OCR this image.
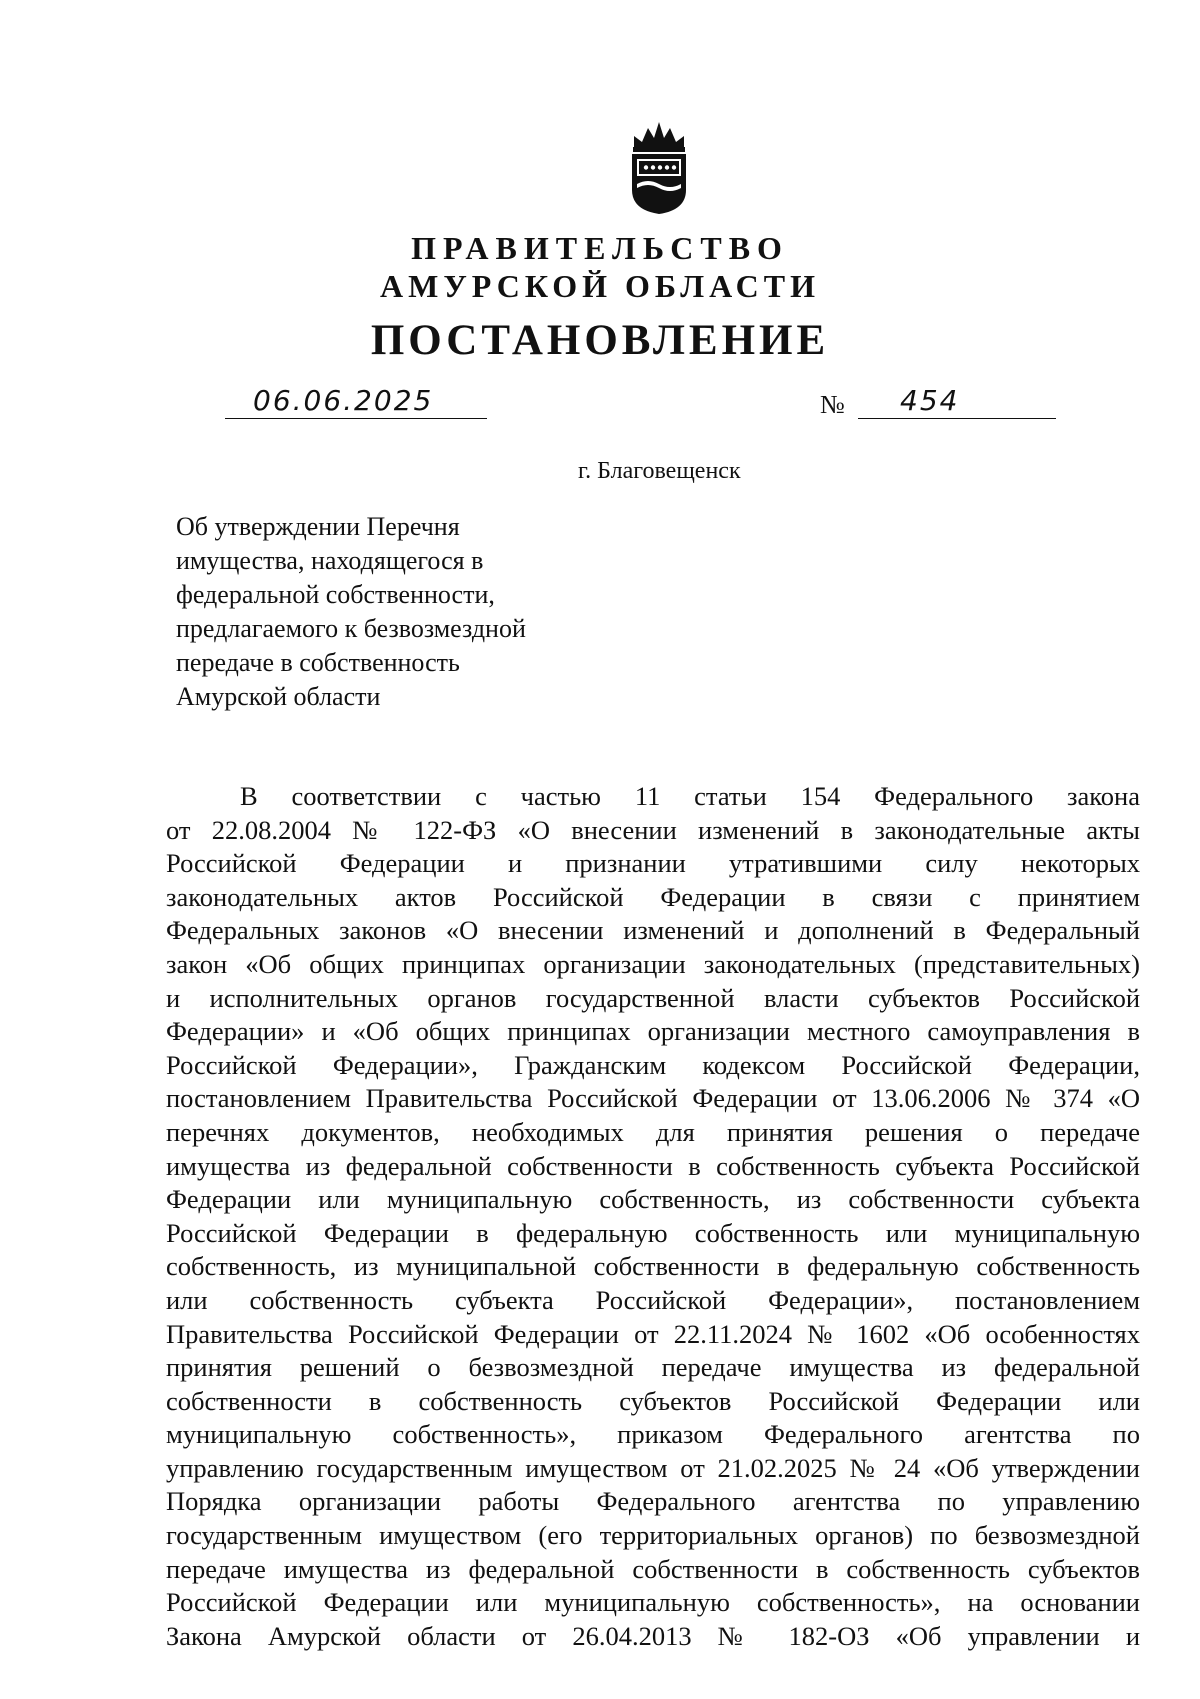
ПРАВИТЕЛЬСТВО
АМУРСКОЙ ОБЛАСТИ
ПОСТАНОВЛЕНИЕ
06.06.2025	№ 454
г. Благовещенск
Об утверждении Перечня
имущества, находящегося в
федеральной собственности,
предлагаемого к безвозмездной
передаче в собственность
Амурской области
В соответствии с частью 11 статьи 154 Федерального закона
от 22.08.2004 № 122-ФЗ «О внесении изменений в законодательные акты
Российской Федерации и признании утратившими силу некоторых
законодательных актов Российской Федерации в связи с принятием
Федеральных законов «О внесении изменений и дополнений в Федеральный
закон «Об общих принципах организации законодательных (представительных)
и исполнительных органов государственной власти субъектов Российской
Федерации» и «Об общих принципах организации местного самоуправления в
Российской Федерации», Гражданским кодексом Российской Федерации,
постановлением Правительства Российской Федерации от 13.06.2006 № 374 «О
перечнях документов, необходимых для принятия решения о передаче
имущества из федеральной собственности в собственность субъекта Российской
Федерации или муниципальную собственность, из собственности субъекта
Российской Федерации в федеральную собственность или муниципальную
собственность, из муниципальной собственности в федеральную собственность
или собственность субъекта Российской Федерации», постановлением
Правительства Российской Федерации от 22.11.2024 № 1602 «Об особенностях
принятия решений о безвозмездной передаче имущества из федеральной
собственности в собственность субъектов Российской Федерации или
муниципальную собственность», приказом Федерального агентства по
управлению государственным имуществом от 21.02.2025 № 24 «Об утверждении
Порядка организации работы Федерального агентства по управлению
государственным имуществом (его территориальных органов) по безвозмездной
передаче имущества из федеральной собственности в собственность субъектов
Российской Федерации или муниципальную собственность», на основании
Закона Амурской области от 26.04.2013 № 182-ОЗ «Об управлении и
